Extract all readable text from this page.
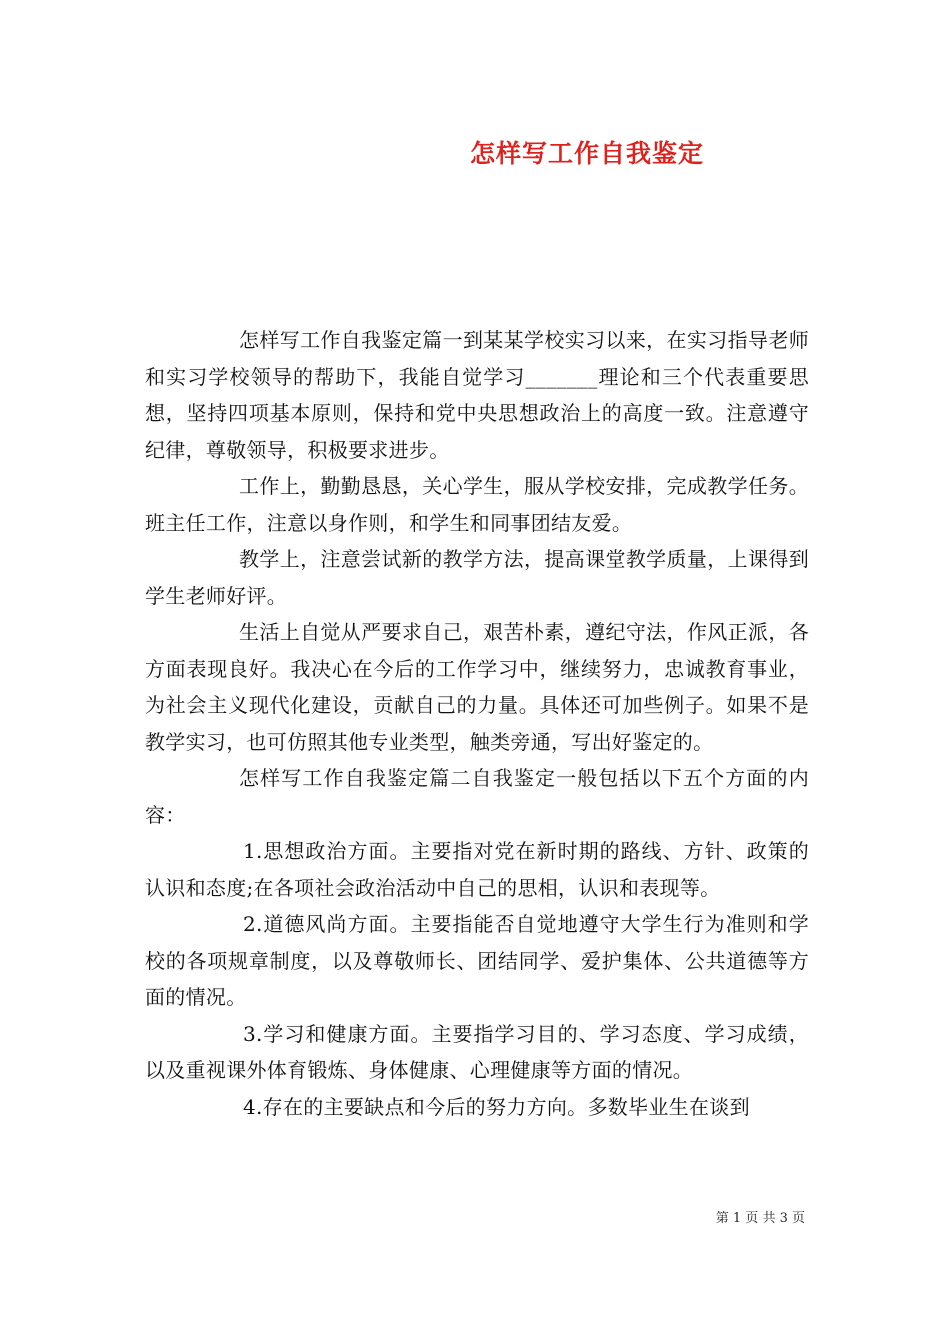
怎样写工作自我鉴定

怎样写工作自我鉴定篇一到某某学校实习以来，在实习指导老师和实习学校领导的帮助下，我能自觉学习_______理论和三个代表重要思想，坚持四项基本原则，保持和党中央思想政治上的高度一致。注意遵守纪律，尊敬领导，积极要求进步。

工作上，勤勤恳恳，关心学生，服从学校安排，完成教学任务。班主任工作，注意以身作则，和学生和同事团结友爱。

教学上，注意尝试新的教学方法，提高课堂教学质量，上课得到学生老师好评。

生活上自觉从严要求自己，艰苦朴素，遵纪守法，作风正派，各方面表现良好。我决心在今后的工作学习中，继续努力，忠诚教育事业，为社会主义现代化建设，贡献自己的力量。具体还可加些例子。如果不是教学实习，也可仿照其他专业类型，触类旁通，写出好鉴定的。

怎样写工作自我鉴定篇二自我鉴定一般包括以下五个方面的内容：

1.思想政治方面。主要指对党在新时期的路线、方针、政策的认识和态度;在各项社会政治活动中自己的思相，认识和表现等。

2.道德风尚方面。主要指能否自觉地遵守大学生行为准则和学校的各项规章制度，以及尊敬师长、团结同学、爱护集体、公共道德等方面的情况。

3.学习和健康方面。主要指学习目的、学习态度、学习成绩，以及重视课外体育锻炼、身体健康、心理健康等方面的情况。

4.存在的主要缺点和今后的努力方向。多数毕业生在谈到

第 1 页 共 3 页
